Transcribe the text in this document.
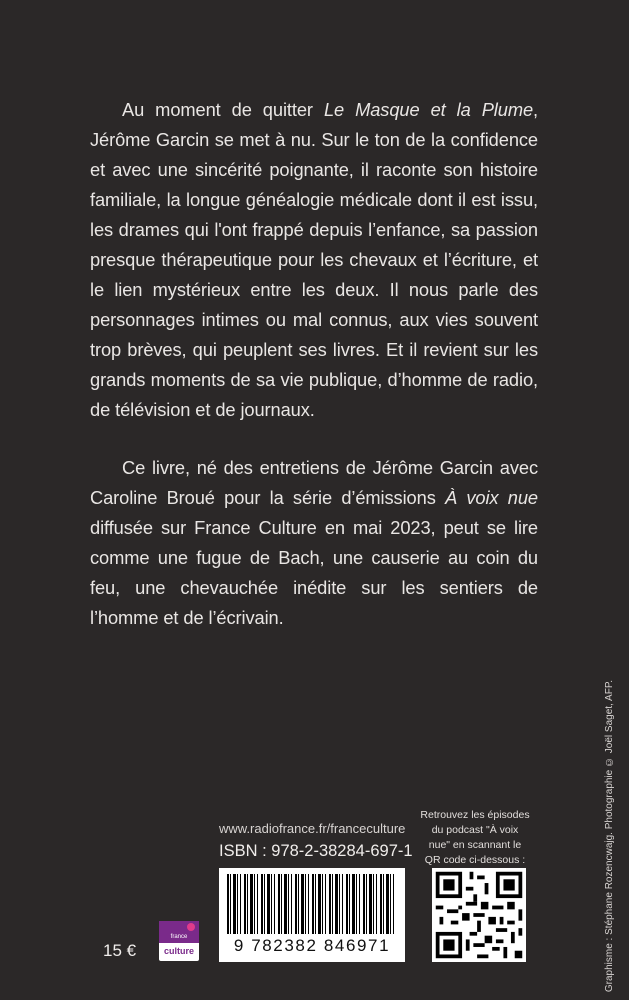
Au moment de quitter Le Masque et la Plume, Jérôme Garcin se met à nu. Sur le ton de la confidence et avec une sincérité poignante, il raconte son histoire familiale, la longue généalogie médicale dont il est issu, les drames qui l'ont frappé depuis l’enfance, sa passion presque thérapeutique pour les chevaux et l’écriture, et le lien mystérieux entre les deux. Il nous parle des personnages intimes ou mal connus, aux vies souvent trop brèves, qui peuplent ses livres. Et il revient sur les grands moments de sa vie publique, d’homme de radio, de télévision et de journaux.

Ce livre, né des entretiens de Jérôme Garcin avec Caroline Broué pour la série d’émissions À voix nue diffusée sur France Culture en mai 2023, peut se lire comme une fugue de Bach, une causerie au coin du feu, une chevauchée inédite sur les sentiers de l’homme et de l’écrivain.

Graphisme : Stéphane Rozencwajg. Photographie © Joël Saget, AFP.
www.radiofrance.fr/franceculture
ISBN : 978-2-38284-697-1
9 782382 846971
15 €
france
culture
Retrouvez les épisodes du podcast "À voix nue" en scannant le QR code ci-dessous :
